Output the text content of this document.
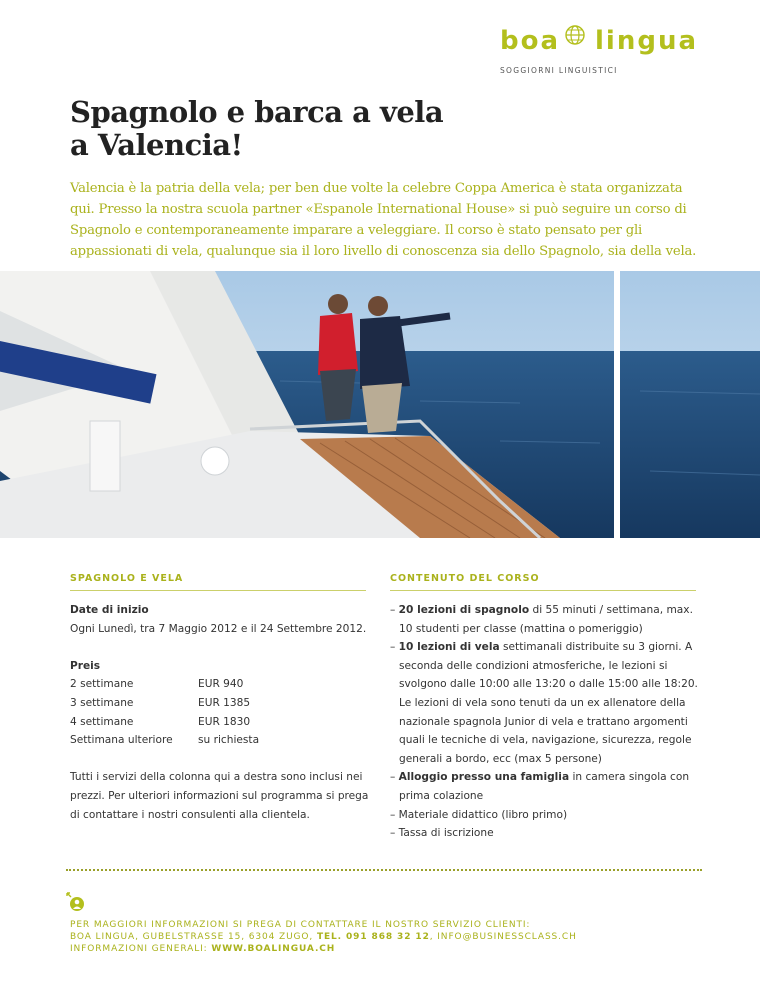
boa lingua
SOGGIORNI LINGUISTICI
Spagnolo e barca a vela
a Valencia!
Valencia è la patria della vela; per ben due volte la celebre Coppa America è stata organizzata qui. Presso la nostra scuola partner «Espanole International House» si può seguire un corso di Spagnolo e contemporaneamente imparare a veleggiare. Il corso è stato pensato per gli appassionati di vela, qualunque sia il loro livello di conoscenza sia dello Spagnolo, sia della vela.
SPAGNOLO E VELA	CONTENUTO DEL CORSO
Date di inizio
Ogni Lunedì, tra 7 Maggio 2012 e il 24 Settembre 2012.
Preis
2 settimane	EUR 940
3 settimane	EUR 1385
4 settimane	EUR 1830
Settimana ulteriore	su richiesta
Tutti i servizi della colonna qui a destra sono inclusi nei prezzi. Per ulteriori informazioni sul programma si prega di contattare i nostri consulenti alla clientela.
– 20 lezioni di spagnolo di 55 minuti / settimana, max. 10 studenti per classe (mattina o pomeriggio)
– 10 lezioni di vela settimanali distribuite su 3 giorni. A seconda delle condizioni atmosferiche, le lezioni si svolgono dalle 10:00 alle 13:20 o dalle 15:00 alle 18:20. Le lezioni di vela sono tenuti da un ex allenatore della nazionale spagnola Junior di vela e trattano argomenti quali le tecniche di vela, navigazione, sicurezza, regole generali a bordo, ecc (max 5 persone)
– Alloggio presso una famiglia in camera singola con prima colazione
– Materiale didattico (libro primo)
– Tassa di iscrizione
PER MAGGIORI INFORMAZIONI SI PREGA DI CONTATTARE IL NOSTRO SERVIZIO CLIENTI:
BOA LINGUA, GUBELSTRASSE 15, 6304 ZUGO, TEL. 091 868 32 12, INFO@BUSINESSCLASS.CH
INFORMAZIONI GENERALI: WWW.BOALINGUA.CH
